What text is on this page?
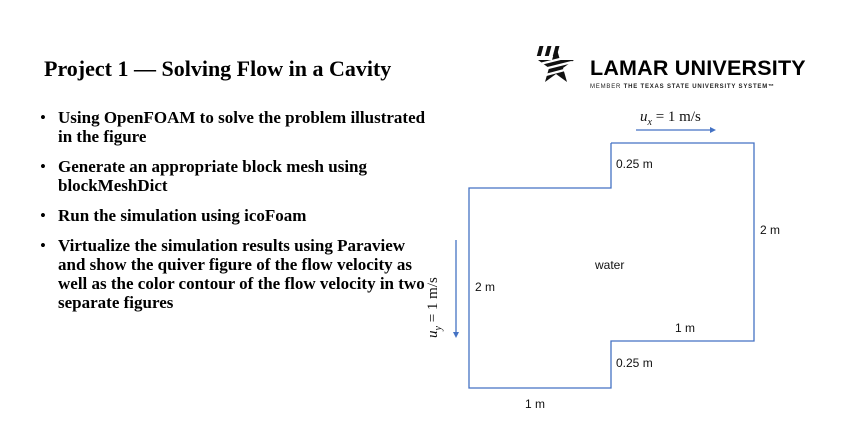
Project 1 — Solving Flow in a Cavity	LAMAR UNIVERSITY
MEMBER THE TEXAS STATE UNIVERSITY SYSTEM™
• Using OpenFOAM to solve the problem illustrated in the figure
• Generate an appropriate block mesh using blockMeshDict
• Run the simulation using icoFoam
• Virtualize the simulation results using Paraview and show the quiver figure of the flow velocity as well as the color contour of the flow velocity in two separate figures
$u_x = 1$ m/s
$u_y = 1$ m/s
0.25 m
2 m
water
2 m
1 m
0.25 m
1 m
